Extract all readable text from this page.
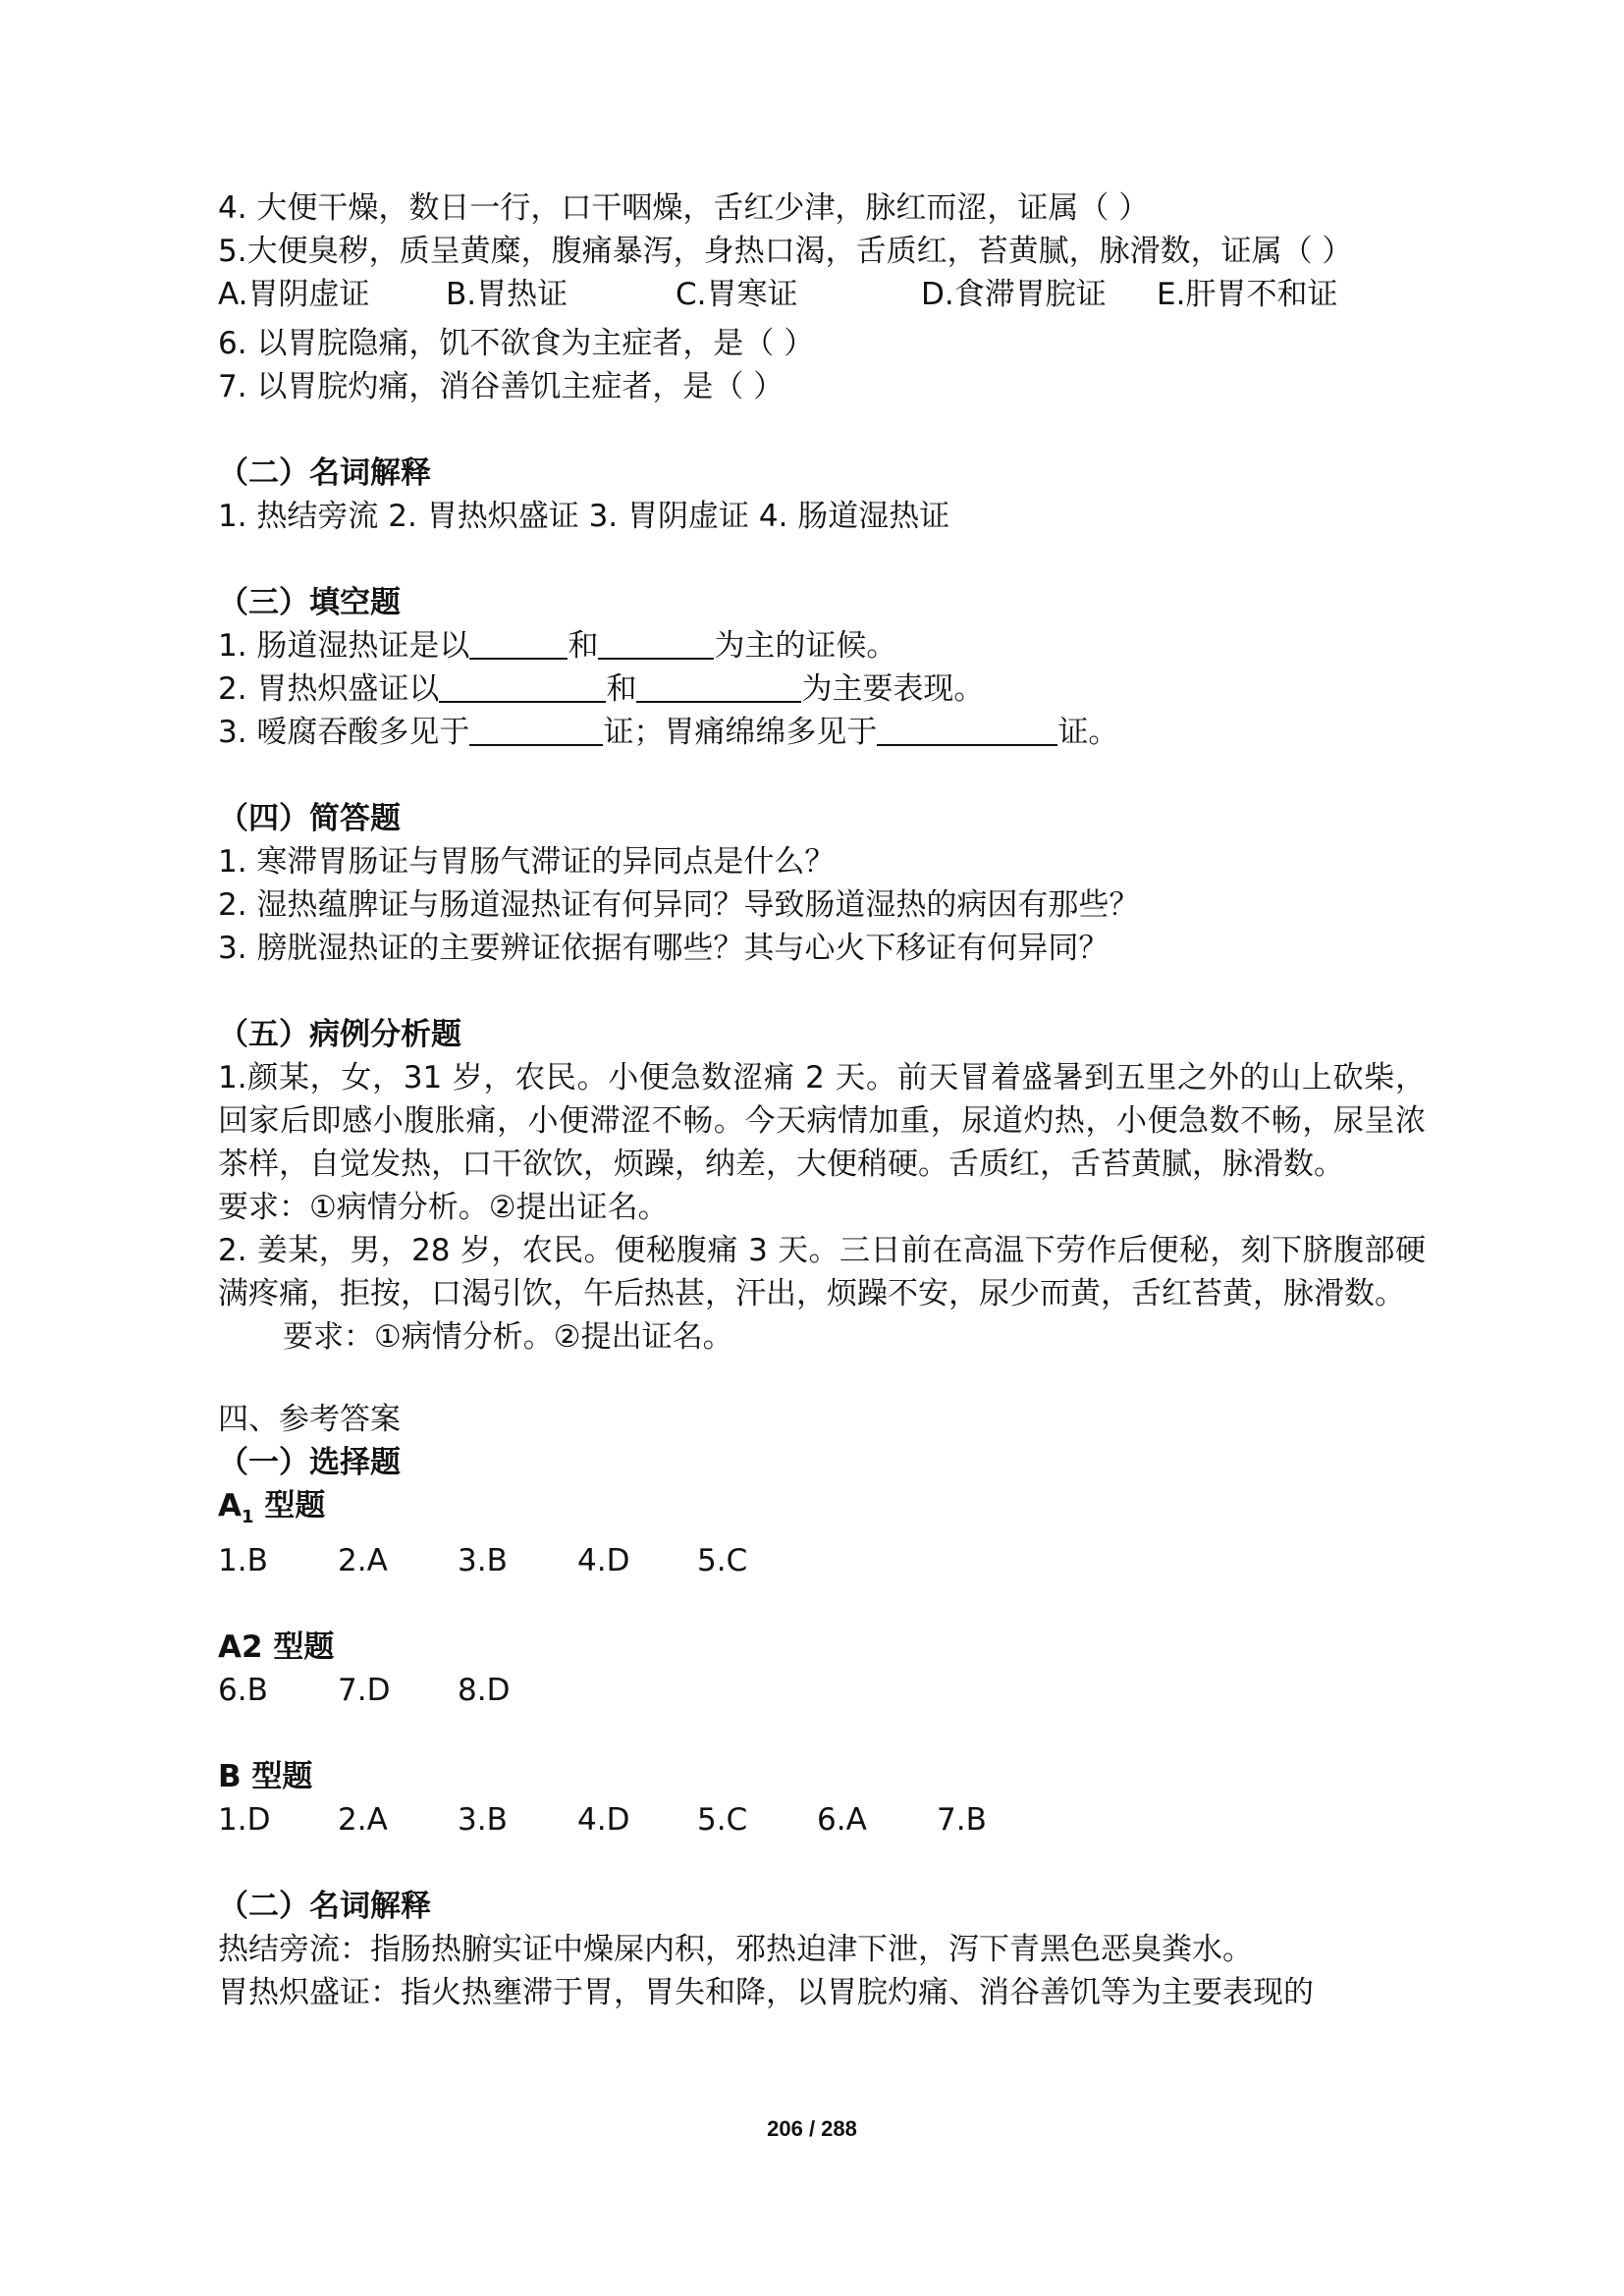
4. 大便干燥，数日一行，口干咽燥，舌红少津，脉红而涩，证属（ ）
5.大便臭秽，质呈黄糜，腹痛暴泻，身热口渴，舌质红，苔黄腻，脉滑数，证属（ ）
A.胃阴虚证	B.胃热证	C.胃寒证	D.食滞胃脘证	E.肝胃不和证
6. 以胃脘隐痛，饥不欲食为主症者，是（ ）
7. 以胃脘灼痛，消谷善饥主症者，是（ ）
（二）名词解释
1. 热结旁流 2. 胃热炽盛证 3. 胃阴虚证 4. 肠道湿热证
（三）填空题
1. 肠道湿热证是以	和	为主的证候。
2. 胃热炽盛证以	和	为主要表现。
3. 嗳腐吞酸多见于	证；胃痛绵绵多见于	证。
（四）简答题
1. 寒滞胃肠证与胃肠气滞证的异同点是什么？
2. 湿热蕴脾证与肠道湿热证有何异同？导致肠道湿热的病因有那些？
3. 膀胱湿热证的主要辨证依据有哪些？其与心火下移证有何异同？
（五）病例分析题
1.颜某，女，31 岁，农民。小便急数涩痛 2 天。前天冒着盛暑到五里之外的山上砍柴，回家后即感小腹胀痛，小便滞涩不畅。今天病情加重，尿道灼热，小便急数不畅，尿呈浓茶样，自觉发热，口干欲饮，烦躁，纳差，大便稍硬。舌质红，舌苔黄腻，脉滑数。
要求：①病情分析。②提出证名。
2. 姜某，男，28 岁，农民。便秘腹痛 3 天。三日前在高温下劳作后便秘，刻下脐腹部硬满疼痛，拒按，口渴引饮，午后热甚，汗出，烦躁不安，尿少而黄，舌红苔黄，脉滑数。
要求：①病情分析。②提出证名。
四、参考答案
（一）选择题
$A_1$ 型题
1.B	2.A	3.B	4.D	5.C
A2 型题
6.B	7.D	8.D
B 型题
1.D	2.A	3.B	4.D	5.C	6.A	7.B
（二）名词解释
热结旁流：指肠热腑实证中燥屎内积，邪热迫津下泄，泻下青黑色恶臭粪水。
胃热炽盛证：指火热壅滞于胃，胃失和降，以胃脘灼痛、消谷善饥等为主要表现的
206 / 288
